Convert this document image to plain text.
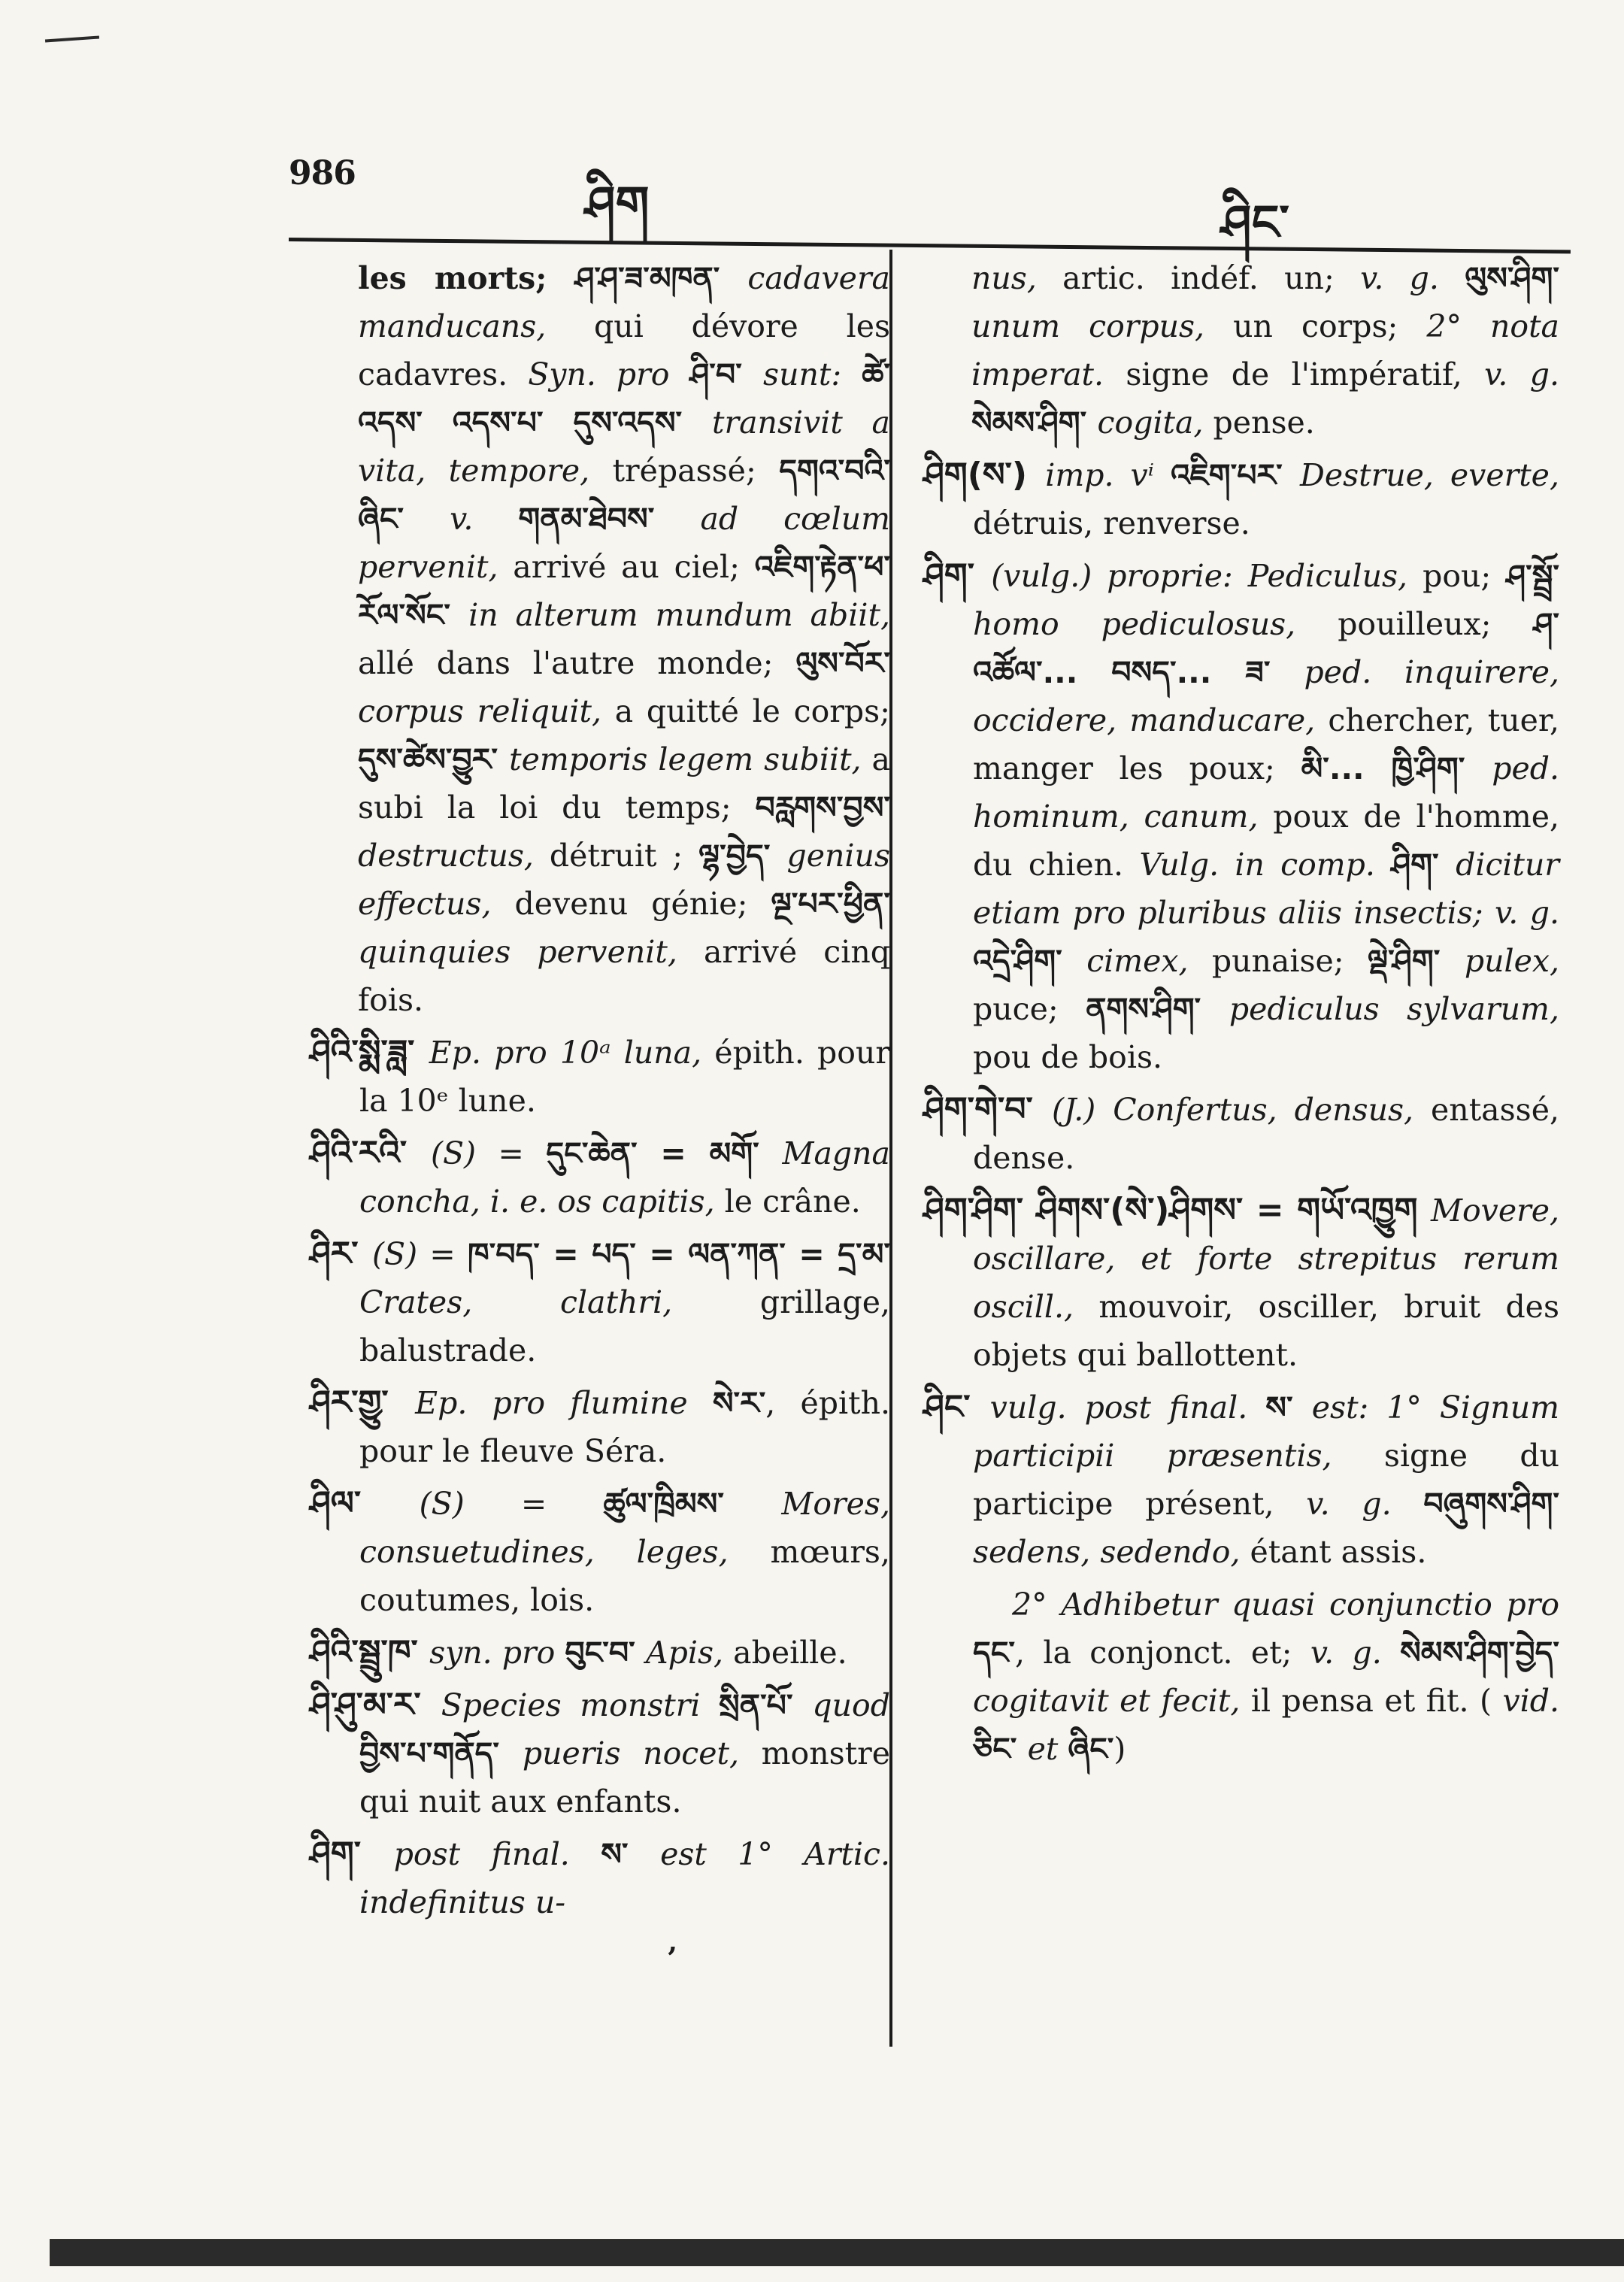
986
ཤིག	ཤིང་

les morts; ཤ་ཤ་ཟ་མཁན་ cadavera manducans, qui dévore les cadavres. Syn. pro ཤི་བ་ sunt: ཚེ་འདས་ འདས་པ་ དུས་འདས་ transivit a vita, tempore, trépassé; དགའ་བའི་ཞིང་ v. གནམ་ཐེབས་ ad cœlum pervenit, arrivé au ciel; འཇིག་རྟེན་ཕ་རོལ་སོང་ in alterum mundum abiit, allé dans l'autre monde; ལུས་བོར་ corpus reliquit, a quitté le corps; དུས་ཚེས་བྱུར་ temporis legem subiit, a subi la loi du temps; བརླགས་བྱས་ destructus, détruit ; ལྷ་བྱེད་ genius effectus, devenu génie; ལྔ་པར་ཕྱིན་ quinquies pervenit, arrivé cinq fois.

ཤིའི་སྨི་ཟླ་ Ep. pro 10ᵃ luna, épith. pour la 10ᵉ lune.

ཤིའི་རའི་ (S) = དུང་ཆེན་ = མགོ་ Magna concha, i. e. os capitis, le crâne.

ཤིར་ (S) = ཁ་བད་ = པད་ = ལན་ཀན་ = དྲ་མ་ Crates, clathri, grillage, balustrade.

ཤིར་གྱུ་ Ep. pro flumine སེ་ར་, épith. pour le fleuve Séra.

ཤིལ་ (S) = ཚུལ་ཁྲིམས་ Mores, consuetudines, leges, mœurs, coutumes, lois.

ཤིའི་སྦྲུ་ཁ་ syn. pro བུང་བ་ Apis, abeille.

ཤི་ཤུ་མ་ར་ Species monstri སྲིན་པོ་ quod བྱིས་པ་གནོད་ pueris nocet, monstre qui nuit aux enfants.

ཤིག་ post final. ས་ est 1° Artic. indefinitus u-

nus, artic. indéf. un; v. g. ལུས་ཤིག་ unum corpus, un corps; 2° nota imperat. signe de l'impératif, v. g. སེམས་ཤིག་ cogita, pense.

ཤིག(ས་) imp. vⁱ འཇིག་པར་ Destrue, everte, détruis, renverse.

ཤིག་ (vulg.) proprie: Pediculus, pou; ཤ་སྦྲོ་ homo pediculosus, pouilleux; ཤ་འཚོལ་... བསད་... ཟ་ ped. inquirere, occidere, manducare, chercher, tuer, manger les poux; མི་... ཁྱི་ཤིག་ ped. hominum, canum, poux de l'homme, du chien. Vulg. in comp. ཤིག་ dicitur etiam pro pluribus aliis insectis; v. g. འདྲེ་ཤིག་ cimex, punaise; ལྡེ་ཤིག་ pulex, puce; ནགས་ཤིག་ pediculus sylvarum, pou de bois.

ཤིག་གེ་བ་ (J.) Confertus, densus, entassé, dense.

ཤིག་ཤིག་ ཤིགས་(སེ་)ཤིགས་ = གཡོ་འཁྱུག Movere, oscillare, et forte strepitus rerum oscill., mouvoir, osciller, bruit des objets qui ballottent.

ཤིང་ vulg. post final. ས་ est: 1° Signum participii præsentis, signe du participe présent, v. g. བཞུགས་ཤིག་ sedens, sedendo, étant assis.

2° Adhibetur quasi conjunctio pro དང་, la conjonct. et; v. g. སེམས་ཤིག་བྱེད་ cogitavit et fecit, il pensa et fit. ( vid. ཅིང་ et ཞིང་)

ʼ
